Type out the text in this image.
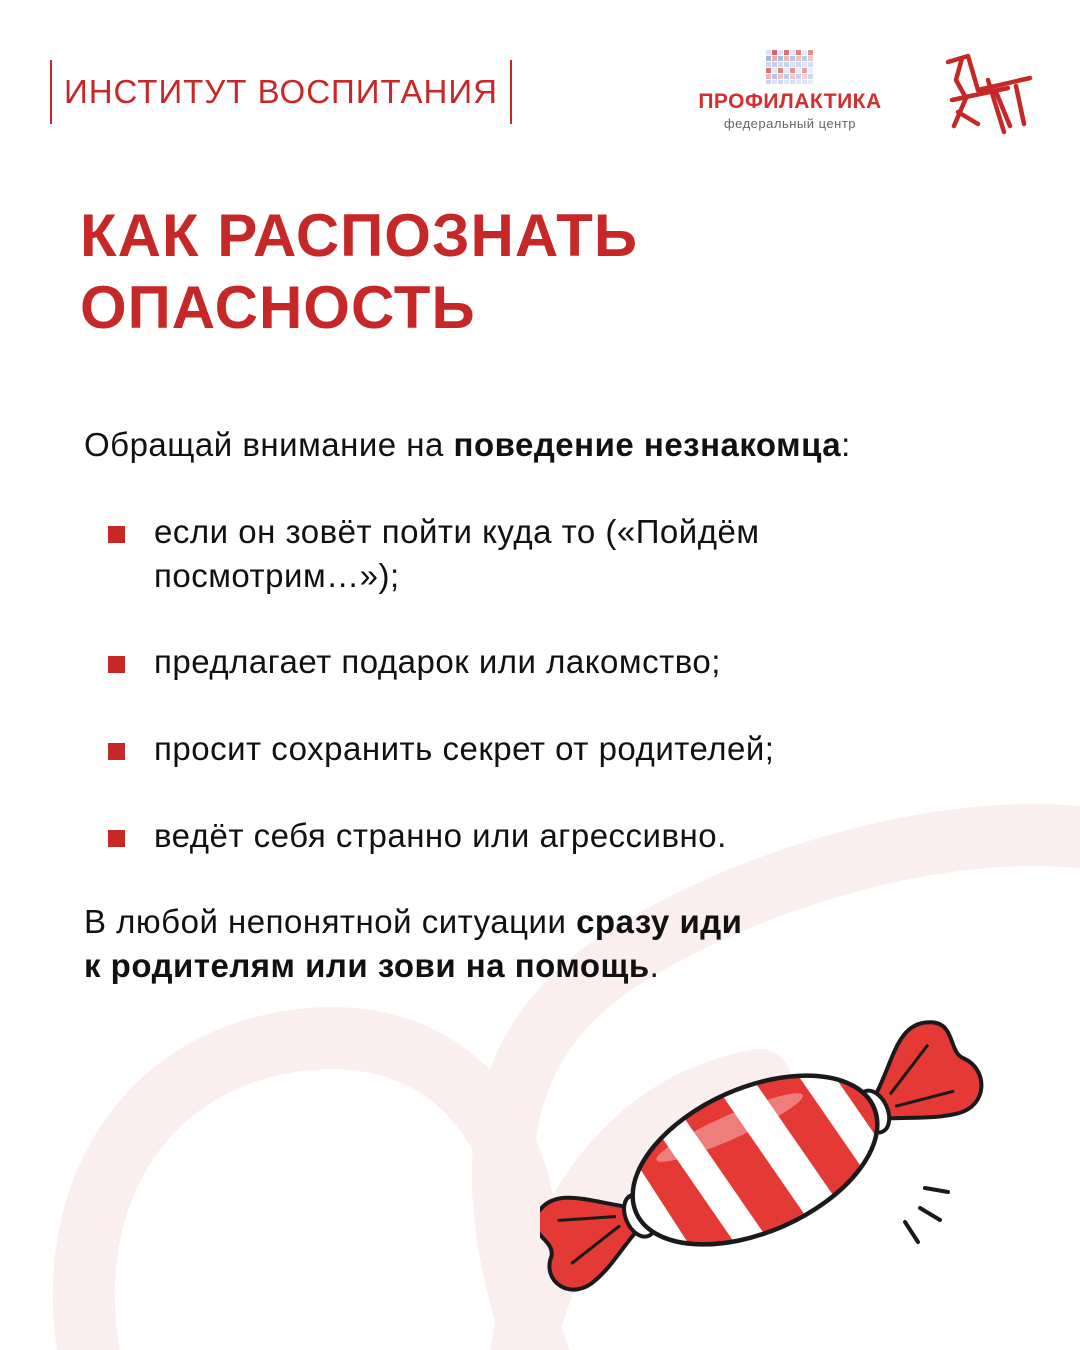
ИНСТИТУТ ВОСПИТАНИЯ	ПРОФИЛАКТИКА
федеральный центр
КАК РАСПОЗНАТЬ
ОПАСНОСТЬ
Обращай внимание на поведение незнакомца:
если он зовёт пойти куда то («Пойдём посмотрим…»);
предлагает подарок или лакомство;
просит сохранить секрет от родителей;
ведёт себя странно или агрессивно.
В любой непонятной ситуации сразу иди
к родителям или зови на помощь.
